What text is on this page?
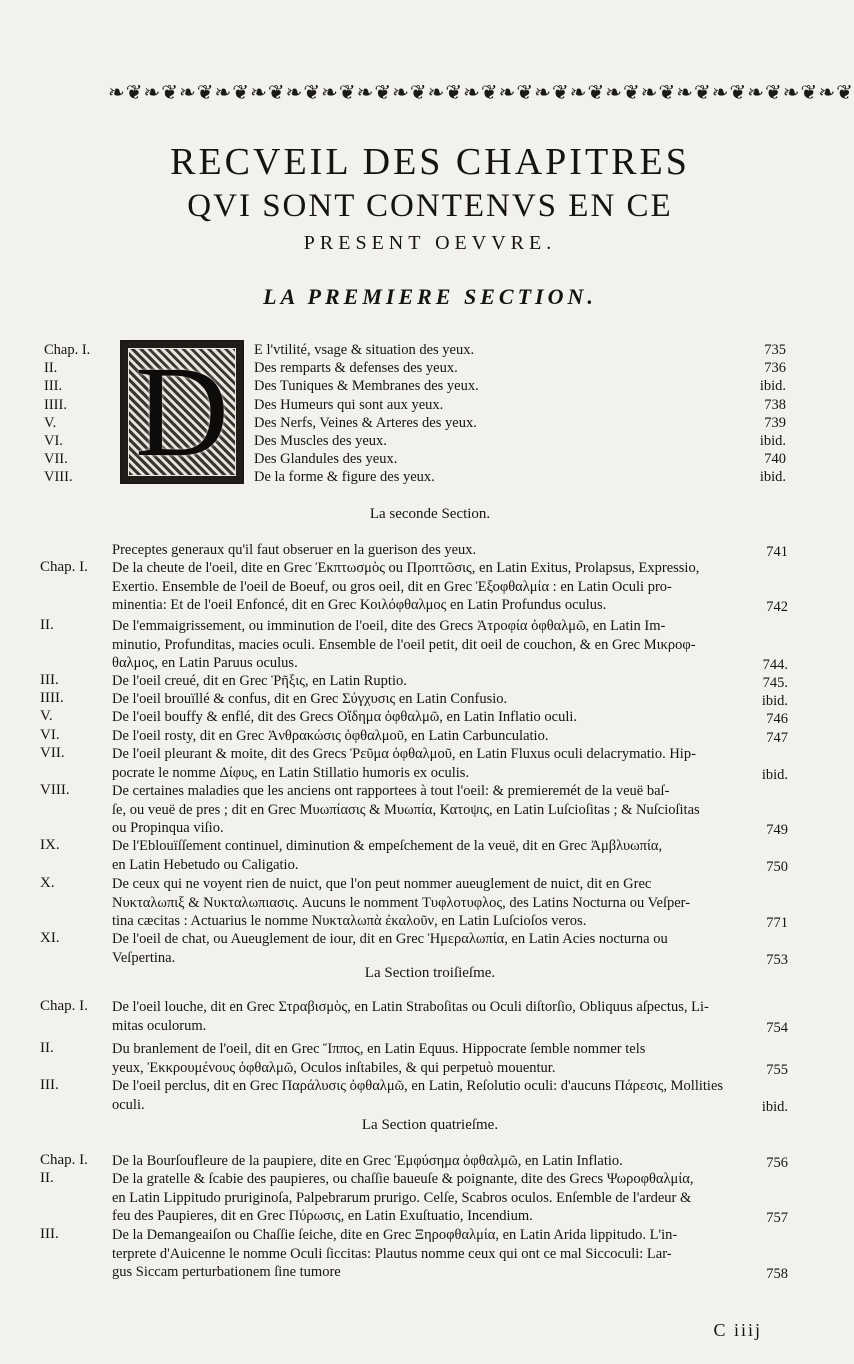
❧❦❧❦❧❦❧❦❧❦❧❦❧❦❧❦❧❦❧❦❧❦❧❦❧❦❧❦❧❦❧❦❧❦❧❦❧❦❧❦❧❦
RECVEIL DES CHAPITRES
QVI SONT CONTENVS EN CE
PRESENT OEVVRE.
LA PREMIERE SECTION.
D
Chap. I.	E l'vtilité, vsage & situation des yeux.	735
II.	Des remparts & defenses des yeux.	736
III.	Des Tuniques & Membranes des yeux.	ibid.
IIII.	Des Humeurs qui sont aux yeux.	738
V.	Des Nerfs, Veines & Arteres des yeux.	739
VI.	Des Muscles des yeux.	ibid.
VII.	Des Glandules des yeux.	740
VIII.	De la forme & figure des yeux.	ibid.
La seconde Section.
Preceptes generaux qu'il faut obseruer en la guerison des yeux.	741
Chap. I.	De la cheute de l'oeil, dite en Grec Ἐκπτωσμὸς ou Προπτῶσις, en Latin Exitus, Prolapsus, Expressio,
Exertio. Ensemble de l'oeil de Boeuf, ou gros oeil, dit en Grec Ἐξοφθαλμία : en Latin Oculi pro-
minentia: Et de l'oeil Enfoncé, dit en Grec Κοιλόφθαλμος en Latin Profundus oculus.	742
II.	De l'emmaigrissement, ou imminution de l'oeil, dite des Grecs Ἀτροφία ὀφθαλμῶ, en Latin Im-
minutio, Profunditas, macies oculi. Ensemble de l'oeil petit, dit oeil de couchon, & en Grec Μικροφ-
θαλμος, en Latin Paruus oculus.	744.
III.	De l'oeil creué, dit en Grec Ῥῆξις, en Latin Ruptio.	745.
IIII.	De l'oeil brouïllé & confus, dit en Grec Σύγχυσις en Latin Confusio.	ibid.
V.	De l'oeil bouffy & enflé, dit des Grecs Οἴδημα ὀφθαλμῶ, en Latin Inflatio oculi.	746
VI.	De l'oeil rosty, dit en Grec Ἀνθρακώσις ὀφθαλμοῦ, en Latin Carbunculatio.	747
VII.	De l'oeil pleurant & moite, dit des Grecs Ῥεῦμα ὀφθαλμοῦ, en Latin Fluxus oculi delacrymatio. Hip-
pocrate le nomme Δίφυς, en Latin Stillatio humoris ex oculis.	ibid.
VIII.	De certaines maladies que les anciens ont rapportees à tout l'oeil: & premieremét de la veuë baſ-
ſe, ou veuë de pres ; dit en Grec Μυωπίασις & Μυωπία, Κατοψις, en Latin Luſcioſitas ; & Nuſcioſitas
ou Propinqua viſio.	749
IX.	De l'Eblouïſſement continuel, diminution & empeſchement de la veuë, dit en Grec Ἀμβλυωπία,
en Latin Hebetudo ou Caligatio.	750
X.	De ceux qui ne voyent rien de nuict, que l'on peut nommer aueuglement de nuict, dit en Grec
Νυκταλωπιξ & Νυκταλωπιασις. Aucuns le nomment Τυφλοτυφλος, des Latins Nocturna ou Veſper-
tina cæcitas : Actuarius le nomme Νυκταλωπὰ ἐκαλοῦν, en Latin Luſcioſos veros.	771
XI.	De l'oeil de chat, ou Aueuglement de iour, dit en Grec Ἡμεραλωπία, en Latin Acies nocturna ou
Veſpertina.	753
La Section troiſieſme.
Chap. I.	De l'oeil louche, dit en Grec Στραβισμὸς, en Latin Straboſitas ou Oculi diſtorſio, Obliquus aſpectus, Li-
mitas oculorum.	754
II.	Du branlement de l'oeil, dit en Grec Ἵππος, en Latin Equus. Hippocrate ſemble nommer tels
yeux, Ἐκκρουμένους ὀφθαλμῶ, Oculos inſtabiles, & qui perpetuò mouentur.	755
III.	De l'oeil perclus, dit en Grec Παράλυσις ὀφθαλμῶ, en Latin, Reſolutio oculi: d'aucuns Πάρεσις, Mollities
oculi.	ibid.
La Section quatrieſme.
Chap. I.	De la Bourſoufleure de la paupiere, dite en Grec Ἐμφύσημα ὀφθαλμῶ, en Latin Inflatio.	756
II.	De la gratelle & ſcabie des paupieres, ou chaſſie baueuſe & poignante, dite des Grecs Ψωροφθαλμία,
en Latin Lippitudo pruriginoſa, Palpebrarum prurigo. Celſe, Scabros oculos. Enſemble de l'ardeur &
feu des Paupieres, dit en Grec Πύρωσις, en Latin Exuſtuatio, Incendium.	757
III.	De la Demangeaiſon ou Chaſſie ſeiche, dite en Grec Ξηροφθαλμία, en Latin Arida lippitudo. L'in-
terprete d'Auicenne le nomme Oculi ſiccitas: Plautus nomme ceux qui ont ce mal Siccoculi: Lar-
gus Siccam perturbationem ſine tumore	758
C iiij
